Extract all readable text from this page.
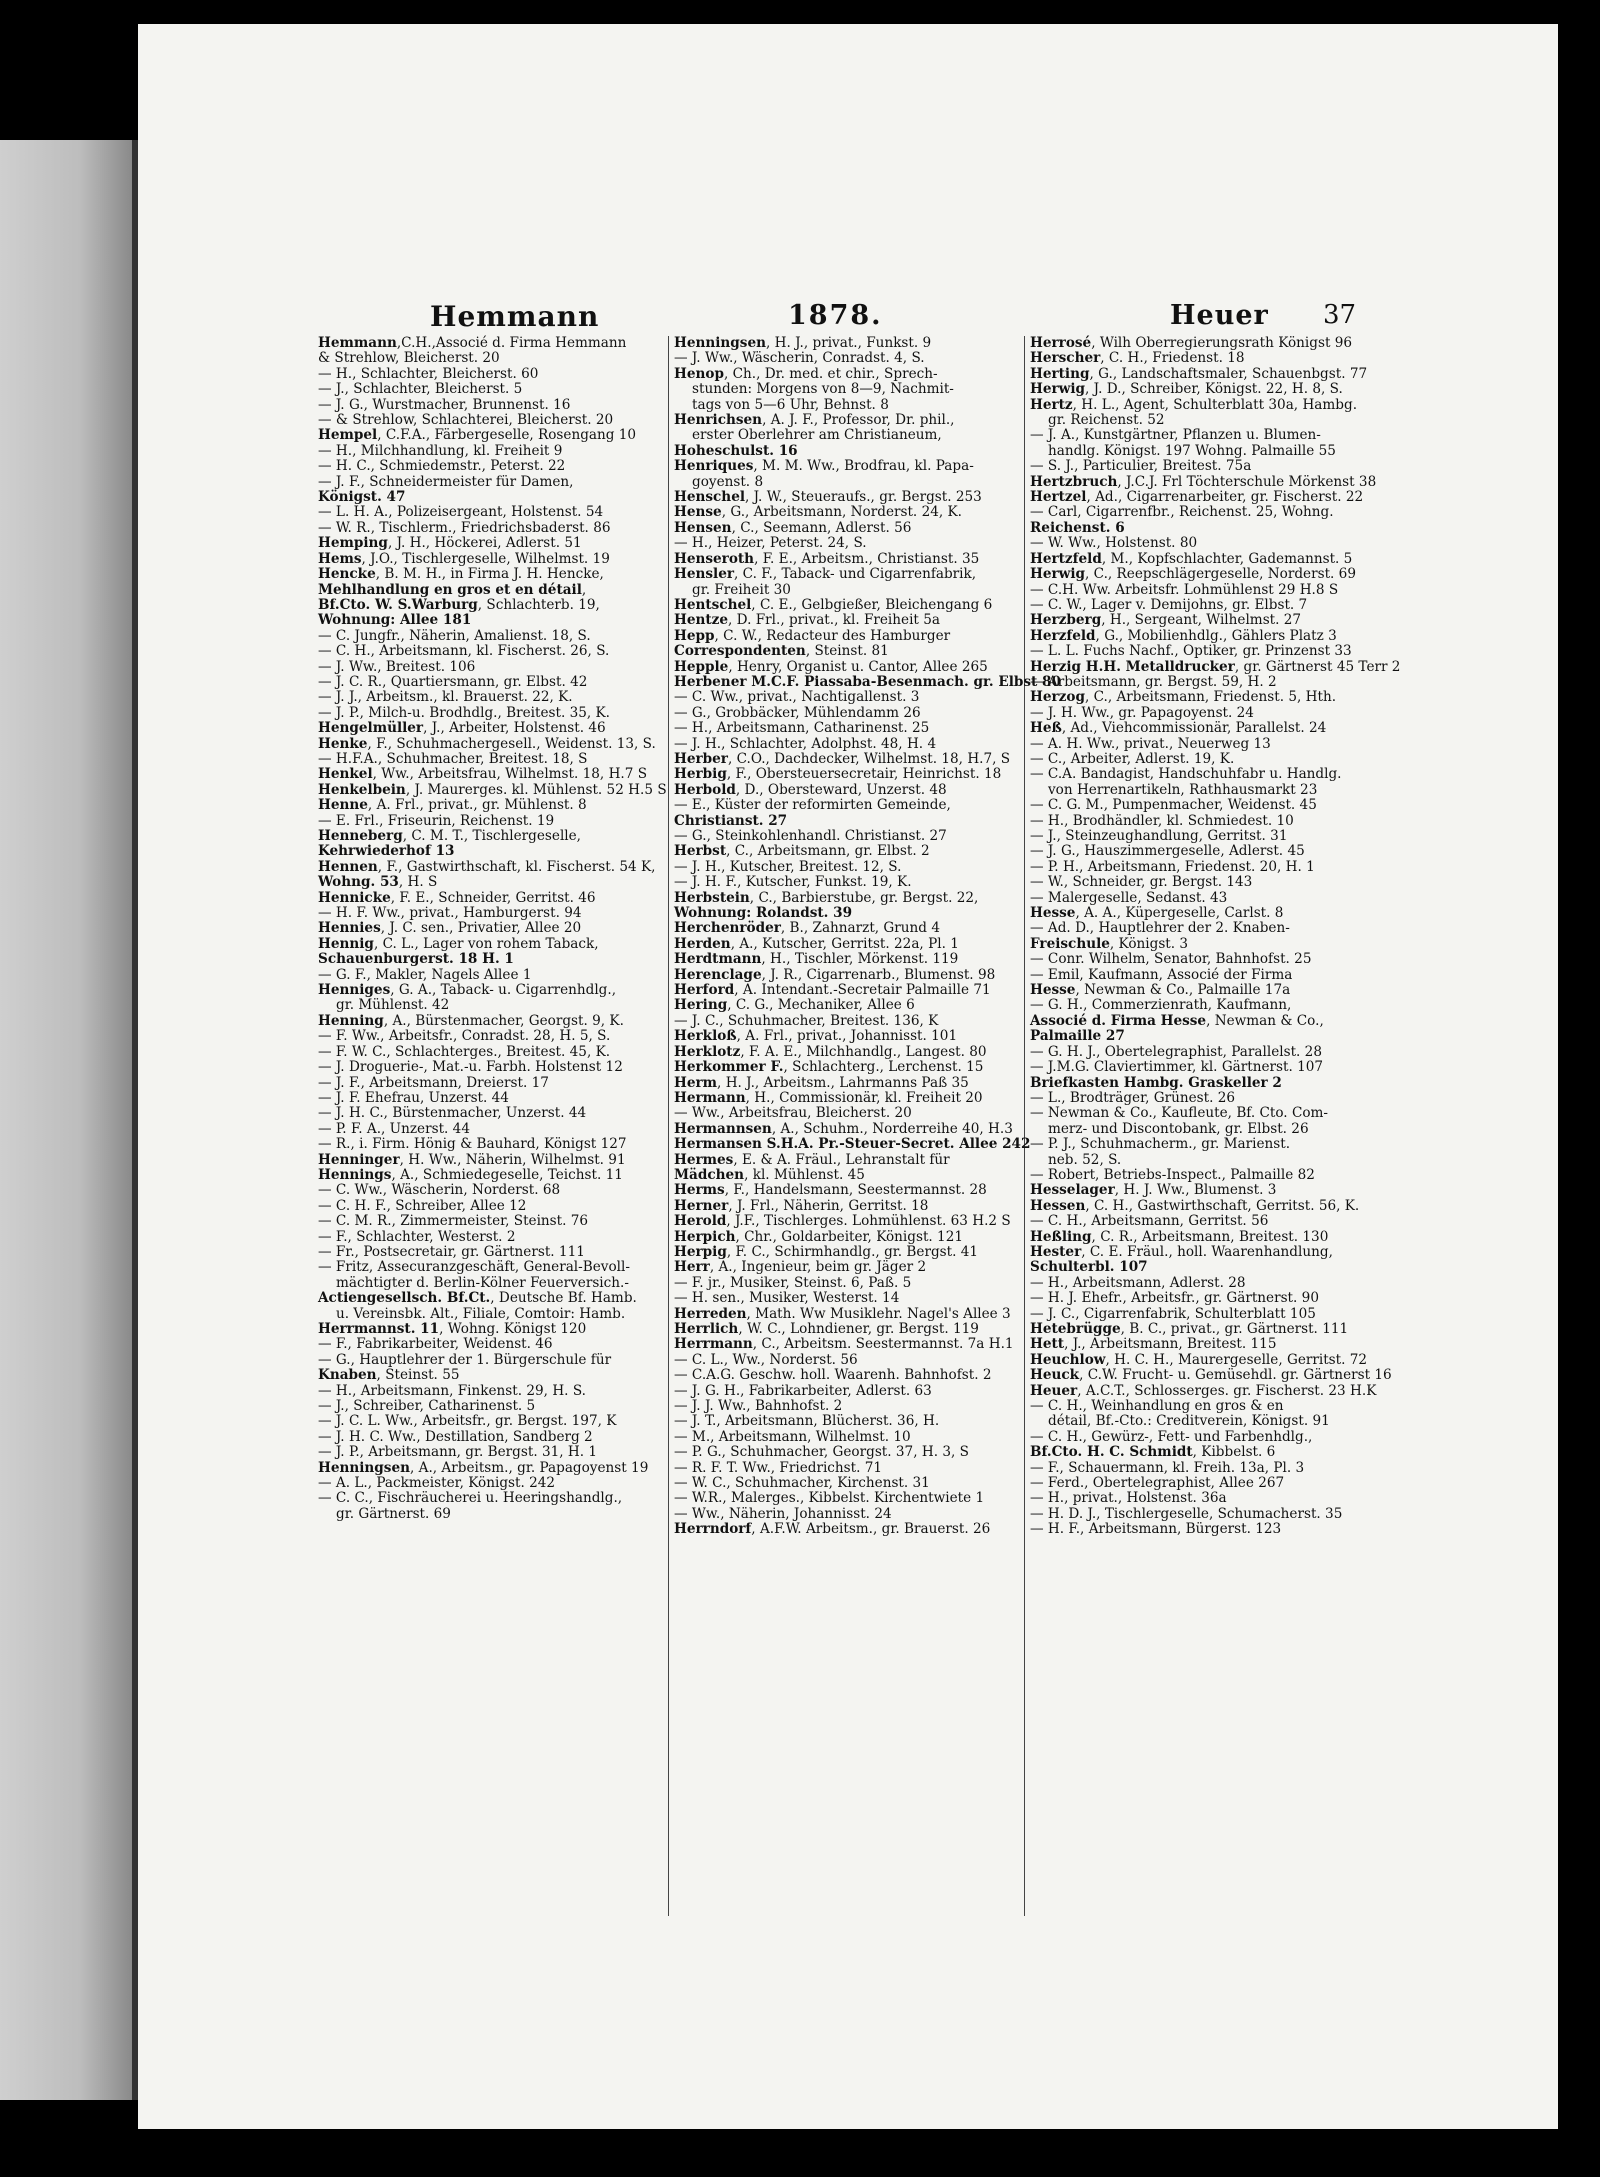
Hemmann	1878.	Heuer 37
Hemmann,C.H.,Associé d. Firma Hemmann
& Strehlow, Bleicherst. 20
— H., Schlachter, Bleicherst. 60
— J., Schlachter, Bleicherst. 5
— J. G., Wurstmacher, Brunnenst. 16
— & Strehlow, Schlachterei, Bleicherst. 20
Hempel, C.F.A., Färbergeselle, Rosengang 10
— H., Milchhandlung, kl. Freiheit 9
— H. C., Schmiedemstr., Peterst. 22
— J. F., Schneidermeister für Damen,
Königst. 47
— L. H. A., Polizeisergeant, Holstenst. 54
— W. R., Tischlerm., Friedrichsbaderst. 86
Hemping, J. H., Höckerei, Adlerst. 51
Hems, J.O., Tischlergeselle, Wilhelmst. 19
Hencke, B. M. H., in Firma J. H. Hencke,
Mehlhandlung en gros et en détail,
Bf.Cto. W. S.Warburg, Schlachterb. 19,
Wohnung: Allee 181
— C. Jungfr., Näherin, Amalienst. 18, S.
— C. H., Arbeitsmann, kl. Fischerst. 26, S.
— J. Ww., Breitest. 106
— J. C. R., Quartiersmann, gr. Elbst. 42
— J. J., Arbeitsm., kl. Brauerst. 22, K.
— J. P., Milch-u. Brodhdlg., Breitest. 35, K.
Hengelmüller, J., Arbeiter, Holstenst. 46
Henke, F., Schuhmachergesell., Weidenst. 13, S.
— H.F.A., Schuhmacher, Breitest. 18, S
Henkel, Ww., Arbeitsfrau, Wilhelmst. 18, H.7 S
Henkelbein, J. Maurerges. kl. Mühlenst. 52 H.5 S
Henne, A. Frl., privat., gr. Mühlenst. 8
— E. Frl., Friseurin, Reichenst. 19
Henneberg, C. M. T., Tischlergeselle,
Kehrwiederhof 13
Hennen, F., Gastwirthschaft, kl. Fischerst. 54 K,
Wohng. 53, H. S
Hennicke, F. E., Schneider, Gerritst. 46
— H. F. Ww., privat., Hamburgerst. 94
Hennies, J. C. sen., Privatier, Allee 20
Hennig, C. L., Lager von rohem Taback,
Schauenburgerst. 18 H. 1
— G. F., Makler, Nagels Allee 1
Henniges, G. A., Taback- u. Cigarrenhdlg.,
gr. Mühlenst. 42
Henning, A., Bürstenmacher, Georgst. 9, K.
— F. Ww., Arbeitsfr., Conradst. 28, H. 5, S.
— F. W. C., Schlachterges., Breitest. 45, K.
— J. Droguerie-, Mat.-u. Farbh. Holstenst 12
— J. F., Arbeitsmann, Dreierst. 17
— J. F. Ehefrau, Unzerst. 44
— J. H. C., Bürstenmacher, Unzerst. 44
— P. F. A., Unzerst. 44
— R., i. Firm. Hönig & Bauhard, Königst 127
Henninger, H. Ww., Näherin, Wilhelmst. 91
Hennings, A., Schmiedegeselle, Teichst. 11
— C. Ww., Wäscherin, Norderst. 68
— C. H. F., Schreiber, Allee 12
— C. M. R., Zimmermeister, Steinst. 76
— F., Schlachter, Westerst. 2
— Fr., Postsecretair, gr. Gärtnerst. 111
— Fritz, Assecuranzgeschäft, General-Bevoll-
mächtigter d. Berlin-Kölner Feuerversich.-
Actiengesellsch. Bf.Ct., Deutsche Bf. Hamb.
u. Vereinsbk. Alt., Filiale, Comtoir: Hamb.
Herrmannst. 11, Wohng. Königst 120
— F., Fabrikarbeiter, Weidenst. 46
— G., Hauptlehrer der 1. Bürgerschule für
Knaben, Steinst. 55
— H., Arbeitsmann, Finkenst. 29, H. S.
— J., Schreiber, Catharinenst. 5
— J. C. L. Ww., Arbeitsfr., gr. Bergst. 197, K
— J. H. C. Ww., Destillation, Sandberg 2
— J. P., Arbeitsmann, gr. Bergst. 31, H. 1
Henningsen, A., Arbeitsm., gr. Papagoyenst 19
— A. L., Packmeister, Königst. 242
— C. C., Fischräucherei u. Heeringshandlg.,
gr. Gärtnerst. 69
Henningsen, H. J., privat., Funkst. 9
— J. Ww., Wäscherin, Conradst. 4, S.
Henop, Ch., Dr. med. et chir., Sprech-
stunden: Morgens von 8—9, Nachmit-
tags von 5—6 Uhr, Behnst. 8
Henrichsen, A. J. F., Professor, Dr. phil.,
erster Oberlehrer am Christianeum,
Hoheschulst. 16
Henriques, M. M. Ww., Brodfrau, kl. Papa-
goyenst. 8
Henschel, J. W., Steueraufs., gr. Bergst. 253
Hense, G., Arbeitsmann, Norderst. 24, K.
Hensen, C., Seemann, Adlerst. 56
— H., Heizer, Peterst. 24, S.
Henseroth, F. E., Arbeitsm., Christianst. 35
Hensler, C. F., Taback- und Cigarrenfabrik,
gr. Freiheit 30
Hentschel, C. E., Gelbgießer, Bleichengang 6
Hentze, D. Frl., privat., kl. Freiheit 5a
Hepp, C. W., Redacteur des Hamburger
Correspondenten, Steinst. 81
Hepple, Henry, Organist u. Cantor, Allee 265
Herbener M.C.F. Piassaba-Besenmach. gr. Elbst 80
— C. Ww., privat., Nachtigallenst. 3
— G., Grobbäcker, Mühlendamm 26
— H., Arbeitsmann, Catharinenst. 25
— J. H., Schlachter, Adolphst. 48, H. 4
Herber, C.O., Dachdecker, Wilhelmst. 18, H.7, S
Herbig, F., Obersteuersecretair, Heinrichst. 18
Herbold, D., Obersteward, Unzerst. 48
— E., Küster der reformirten Gemeinde,
Christianst. 27
— G., Steinkohlenhandl. Christianst. 27
Herbst, C., Arbeitsmann, gr. Elbst. 2
— J. H., Kutscher, Breitest. 12, S.
— J. H. F., Kutscher, Funkst. 19, K.
Herbstein, C., Barbierstube, gr. Bergst. 22,
Wohnung: Rolandst. 39
Herchenröder, B., Zahnarzt, Grund 4
Herden, A., Kutscher, Gerritst. 22a, Pl. 1
Herdtmann, H., Tischler, Mörkenst. 119
Herenclage, J. R., Cigarrenarb., Blumenst. 98
Herford, A. Intendant.-Secretair Palmaille 71
Hering, C. G., Mechaniker, Allee 6
— J. C., Schuhmacher, Breitest. 136, K
Herkloß, A. Frl., privat., Johannisst. 101
Herklotz, F. A. E., Milchhandlg., Langest. 80
Herkommer F., Schlachterg., Lerchenst. 15
Herm, H. J., Arbeitsm., Lahrmanns Paß 35
Hermann, H., Commissionär, kl. Freiheit 20
— Ww., Arbeitsfrau, Bleicherst. 20
Hermannsen, A., Schuhm., Norderreihe 40, H.3
Hermansen S.H.A. Pr.-Steuer-Secret. Allee 242
Hermes, E. & A. Fräul., Lehranstalt für
Mädchen, kl. Mühlenst. 45
Herms, F., Handelsmann, Seestermannst. 28
Herner, J. Frl., Näherin, Gerritst. 18
Herold, J.F., Tischlerges. Lohmühlenst. 63 H.2 S
Herpich, Chr., Goldarbeiter, Königst. 121
Herpig, F. C., Schirmhandlg., gr. Bergst. 41
Herr, A., Ingenieur, beim gr. Jäger 2
— F. jr., Musiker, Steinst. 6, Paß. 5
— H. sen., Musiker, Westerst. 14
Herreden, Math. Ww Musiklehr. Nagel's Allee 3
Herrlich, W. C., Lohndiener, gr. Bergst. 119
Herrmann, C., Arbeitsm. Seestermannst. 7a H.1
— C. L., Ww., Norderst. 56
— C.A.G. Geschw. holl. Waarenh. Bahnhofst. 2
— J. G. H., Fabrikarbeiter, Adlerst. 63
— J. J. Ww., Bahnhofst. 2
— J. T., Arbeitsmann, Blücherst. 36, H.
— M., Arbeitsmann, Wilhelmst. 10
— P. G., Schuhmacher, Georgst. 37, H. 3, S
— R. F. T. Ww., Friedrichst. 71
— W. C., Schuhmacher, Kirchenst. 31
— W.R., Malerges., Kibbelst. Kirchentwiete 1
— Ww., Näherin, Johannisst. 24
Herrndorf, A.F.W. Arbeitsm., gr. Brauerst. 26
Herrosé, Wilh Oberregierungsrath Königst 96
Herscher, C. H., Friedenst. 18
Herting, G., Landschaftsmaler, Schauenbgst. 77
Herwig, J. D., Schreiber, Königst. 22, H. 8, S.
Hertz, H. L., Agent, Schulterblatt 30a, Hambg.
gr. Reichenst. 52
— J. A., Kunstgärtner, Pflanzen u. Blumen-
handlg. Königst. 197 Wohng. Palmaille 55
— S. J., Particulier, Breitest. 75a
Hertzbruch, J.C.J. Frl Töchterschule Mörkenst 38
Hertzel, Ad., Cigarrenarbeiter, gr. Fischerst. 22
— Carl, Cigarrenfbr., Reichenst. 25, Wohng.
Reichenst. 6
— W. Ww., Holstenst. 80
Hertzfeld, M., Kopfschlachter, Gademannst. 5
Herwig, C., Reepschlägergeselle, Norderst. 69
— C.H. Ww. Arbeitsfr. Lohmühlenst 29 H.8 S
— C. W., Lager v. Demijohns, gr. Elbst. 7
Herzberg, H., Sergeant, Wilhelmst. 27
Herzfeld, G., Mobilienhdlg., Gählers Platz 3
— L. L. Fuchs Nachf., Optiker, gr. Prinzenst 33
Herzig H.H. Metalldrucker, gr. Gärtnerst 45 Terr 2
— Arbeitsmann, gr. Bergst. 59, H. 2
Herzog, C., Arbeitsmann, Friedenst. 5, Hth.
— J. H. Ww., gr. Papagoyenst. 24
Heß, Ad., Viehcommissionär, Parallelst. 24
— A. H. Ww., privat., Neuerweg 13
— C., Arbeiter, Adlerst. 19, K.
— C.A. Bandagist, Handschuhfabr u. Handlg.
von Herrenartikeln, Rathhausmarkt 23
— C. G. M., Pumpenmacher, Weidenst. 45
— H., Brodhändler, kl. Schmiedest. 10
— J., Steinzeughandlung, Gerritst. 31
— J. G., Hauszimmergeselle, Adlerst. 45
— P. H., Arbeitsmann, Friedenst. 20, H. 1
— W., Schneider, gr. Bergst. 143
— Malergeselle, Sedanst. 43
Hesse, A. A., Küpergeselle, Carlst. 8
— Ad. D., Hauptlehrer der 2. Knaben-
Freischule, Königst. 3
— Conr. Wilhelm, Senator, Bahnhofst. 25
— Emil, Kaufmann, Associé der Firma
Hesse, Newman & Co., Palmaille 17a
— G. H., Commerzienrath, Kaufmann,
Associé d. Firma Hesse, Newman & Co.,
Palmaille 27
— G. H. J., Obertelegraphist, Parallelst. 28
— J.M.G. Claviertimmer, kl. Gärtnerst. 107
Briefkasten Hambg. Graskeller 2
— L., Brodträger, Grünest. 26
— Newman & Co., Kaufleute, Bf. Cto. Com-
merz- und Discontobank, gr. Elbst. 26
— P. J., Schuhmacherm., gr. Marienst.
neb. 52, S.
— Robert, Betriebs-Inspect., Palmaille 82
Hesselager, H. J. Ww., Blumenst. 3
Hessen, C. H., Gastwirthschaft, Gerritst. 56, K.
— C. H., Arbeitsmann, Gerritst. 56
Heßling, C. R., Arbeitsmann, Breitest. 130
Hester, C. E. Fräul., holl. Waarenhandlung,
Schulterbl. 107
— H., Arbeitsmann, Adlerst. 28
— H. J. Ehefr., Arbeitsfr., gr. Gärtnerst. 90
— J. C., Cigarrenfabrik, Schulterblatt 105
Hetebrügge, B. C., privat., gr. Gärtnerst. 111
Hett, J., Arbeitsmann, Breitest. 115
Heuchlow, H. C. H., Maurergeselle, Gerritst. 72
Heuck, C.W. Frucht- u. Gemüsehdl. gr. Gärtnerst 16
Heuer, A.C.T., Schlosserges. gr. Fischerst. 23 H.K
— C. H., Weinhandlung en gros & en
détail, Bf.-Cto.: Creditverein, Königst. 91
— C. H., Gewürz-, Fett- und Farbenhdlg.,
Bf.Cto. H. C. Schmidt, Kibbelst. 6
— F., Schauermann, kl. Freih. 13a, Pl. 3
— Ferd., Obertelegraphist, Allee 267
— H., privat., Holstenst. 36a
— H. D. J., Tischlergeselle, Schumacherst. 35
— H. F., Arbeitsmann, Bürgerst. 123
